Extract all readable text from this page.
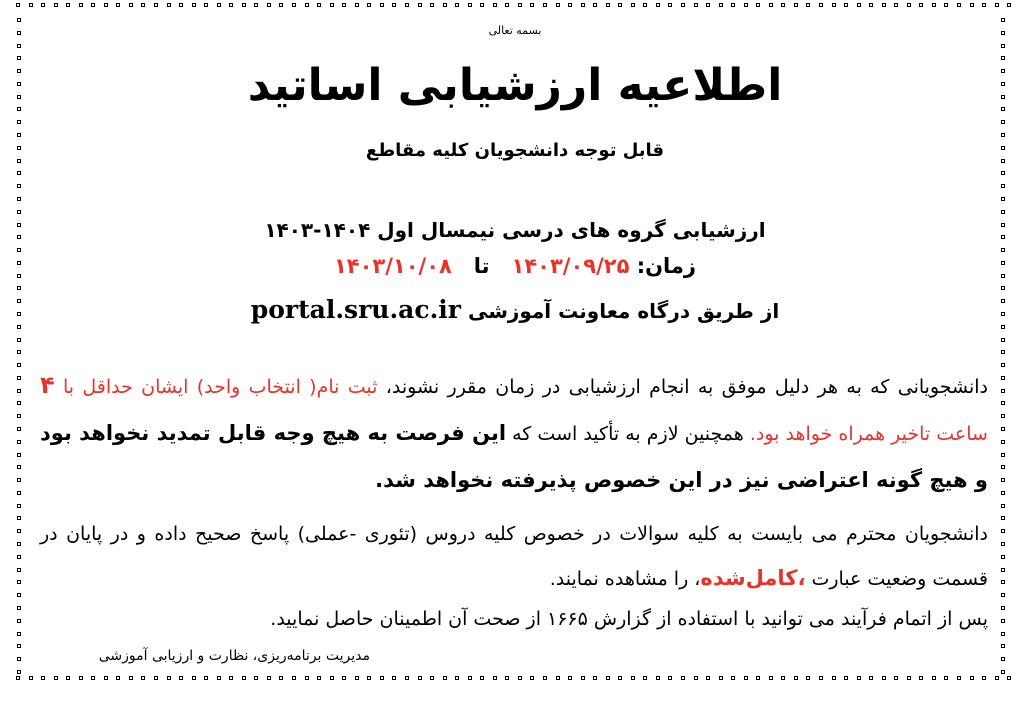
بسمه تعالی
اطلاعیه ارزشیابی اساتید
قابل توجه دانشجویان کلیه مقاطع
ارزشیابی گروه های درسی نیمسال اول ۱۴۰۴-۱۴۰۳
زمان: ۱۴۰۳/۰۹/۲۵   تا   ۱۴۰۳/۱۰/۰۸
از طریق درگاه معاونت آموزشی portal.sru.ac.ir
دانشجویانی که به هر دلیل موفق به انجام ارزشیابی در زمان مقرر نشوند، ثبت نام( انتخاب واحد) ایشان حداقل با ۴ ساعت تاخیر همراه خواهد بود. همچنین لازم به تأکید است که این فرصت به هیچ وجه قابل تمدید نخواهد بود و هیچ گونه اعتراضی نیز در این خصوص پذیرفته نخواهد شد.
دانشجویان محترم می بایست به کلیه سوالات در خصوص کلیه دروس (تئوری -عملی) پاسخ صحیح داده و در پایان در قسمت وضعیت عبارت ،کامل‌شده، را مشاهده نمایند.
پس از اتمام فرآیند می توانید با استفاده از گزارش ۱۶۶۵ از صحت آن اطمینان حاصل نمایید.
مدیریت برنامه‌ریزی، نظارت و ارزیابی آموزشی
